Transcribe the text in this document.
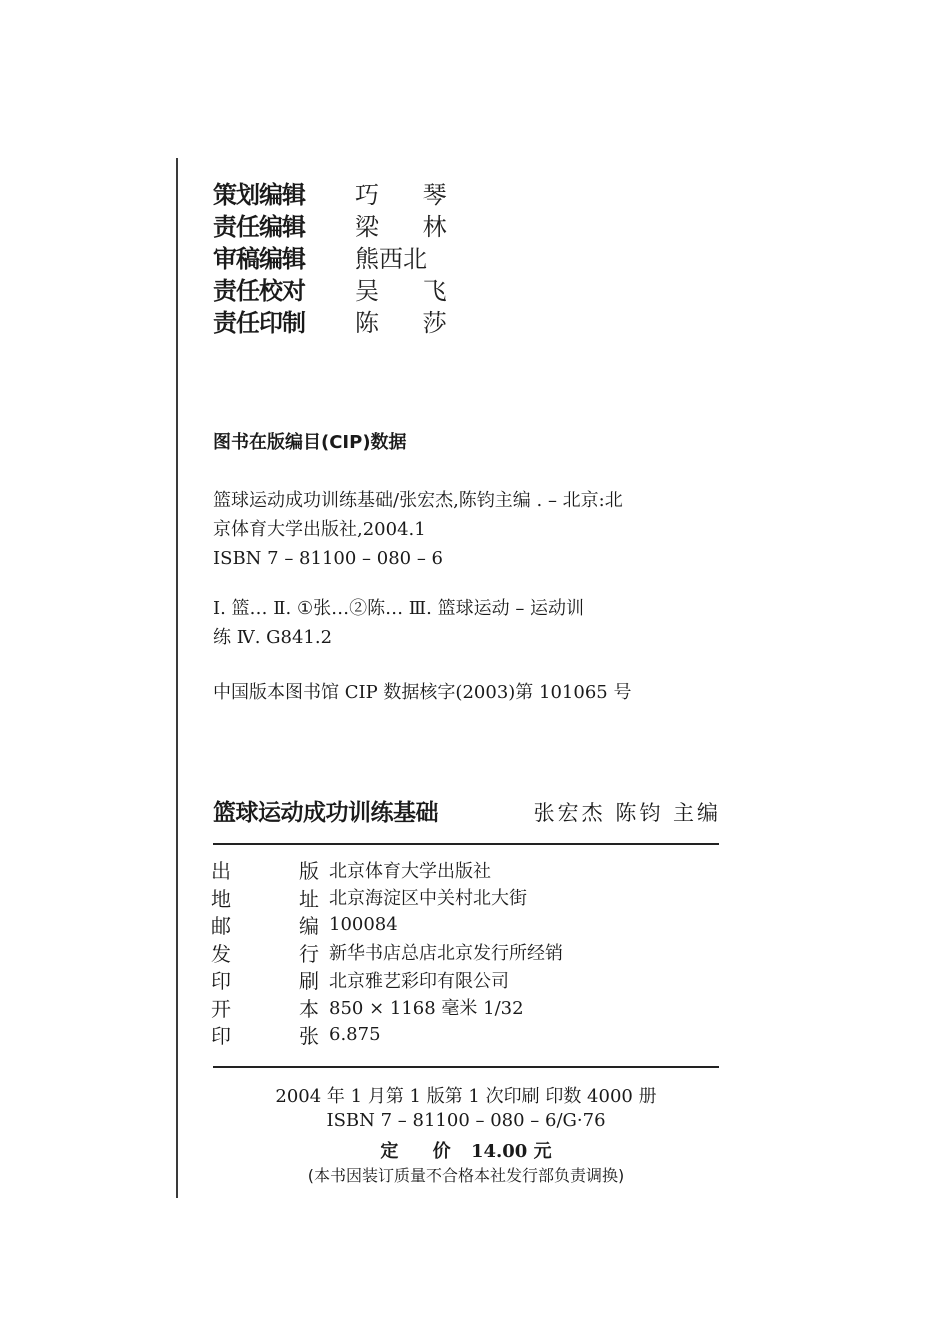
策划编辑	巧 琴
责任编辑	梁 林
审稿编辑	熊西北
责任校对	吴 飞
责任印制	陈 莎
图书在版编目(CIP)数据

篮球运动成功训练基础/张宏杰,陈钧主编 . – 北京:北

京体育大学出版社,2004.1

ISBN 7 – 81100 – 080 – 6

Ⅰ. 篮… Ⅱ. ①张…②陈… Ⅲ. 篮球运动 – 运动训

练 Ⅳ. G841.2

中国版本图书馆 CIP 数据核字(2003)第 101065 号
篮球运动成功训练基础	张宏杰 陈钧 主编
出	版 北京体育大学出版社
地	址 北京海淀区中关村北大街
邮	编 100084
发	行 新华书店总店北京发行所经销
印	刷 北京雅艺彩印有限公司
开	本 850 × 1168 毫米 1/32
印	张 6.875
2004 年 1 月第 1 版第 1 次印刷 印数 4000 册
ISBN 7 – 81100 – 080 – 6/G·76
定 价 14.00 元
(本书因装订质量不合格本社发行部负责调换)
